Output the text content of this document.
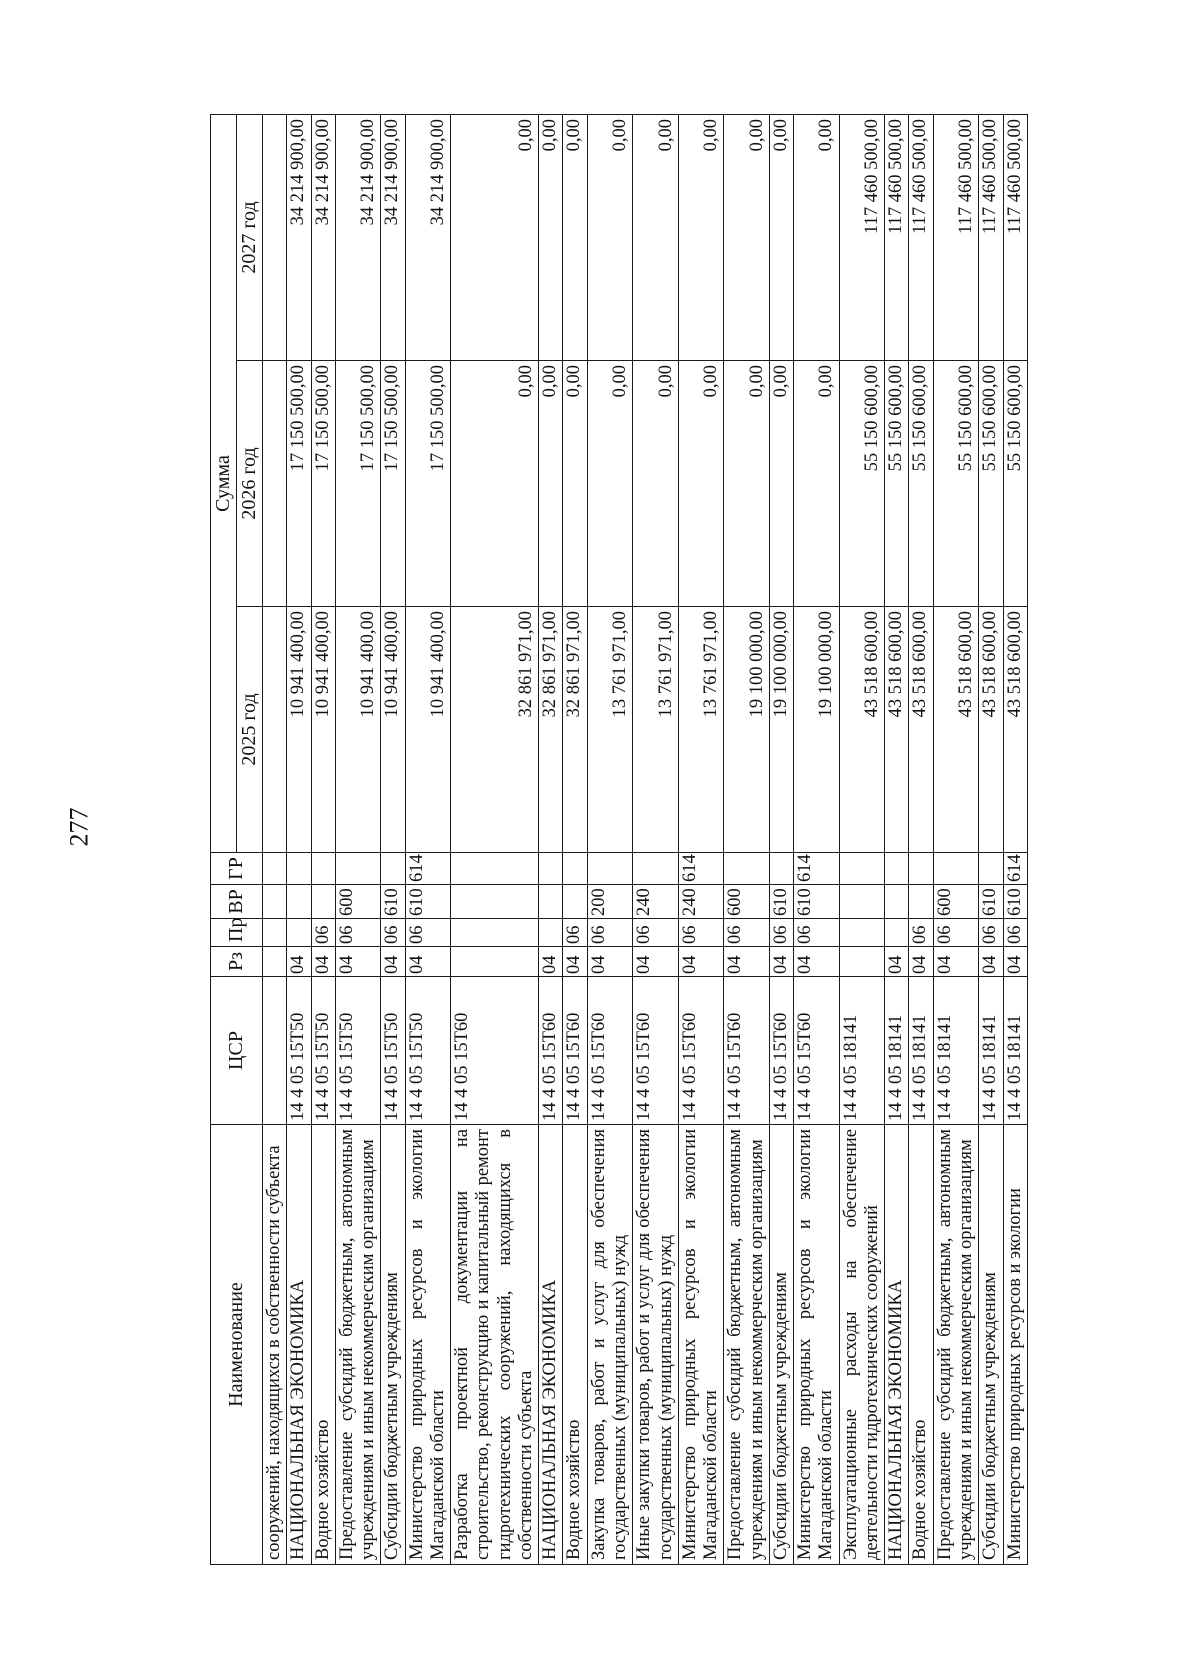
277
Наименование	ЦСР	Рз	Пр	ВР	ГР	Сумма		
						2025 год	2026 год	2027 год
сооружений, находящихся в собственности субъекта								
НАЦИОНАЛЬНАЯ ЭКОНОМИКА	14 4 05 15Т50	04				10 941 400,00	17 150 500,00	34 214 900,00
Водное хозяйство	14 4 05 15Т50	04	06			10 941 400,00	17 150 500,00	34 214 900,00
Предоставление субсидий бюджетным, автономным учреждениям и иным некоммерческим организациям	14 4 05 15Т50	04	06	600		10 941 400,00	17 150 500,00	34 214 900,00
Субсидии бюджетным учреждениям	14 4 05 15Т50	04	06	610		10 941 400,00	17 150 500,00	34 214 900,00
Министерство природных ресурсов и экологии Магаданской области	14 4 05 15Т50	04	06	610	614	10 941 400,00	17 150 500,00	34 214 900,00
Разработка проектной документации на строительство, реконструкцию и капитальный ремонт гидротехнических сооружений, находящихся в собственности субъекта	14 4 05 15Т60					32 861 971,00	0,00	0,00
НАЦИОНАЛЬНАЯ ЭКОНОМИКА	14 4 05 15Т60	04				32 861 971,00	0,00	0,00
Водное хозяйство	14 4 05 15Т60	04	06			32 861 971,00	0,00	0,00
Закупка товаров, работ и услуг для обеспечения государственных (муниципальных) нужд	14 4 05 15Т60	04	06	200		13 761 971,00	0,00	0,00
Иные закупки товаров, работ и услуг для обеспечения государственных (муниципальных) нужд	14 4 05 15Т60	04	06	240		13 761 971,00	0,00	0,00
Министерство природных ресурсов и экологии Магаданской области	14 4 05 15Т60	04	06	240	614	13 761 971,00	0,00	0,00
Предоставление субсидий бюджетным, автономным учреждениям и иным некоммерческим организациям	14 4 05 15Т60	04	06	600		19 100 000,00	0,00	0,00
Субсидии бюджетным учреждениям	14 4 05 15Т60	04	06	610		19 100 000,00	0,00	0,00
Министерство природных ресурсов и экологии Магаданской области	14 4 05 15Т60	04	06	610	614	19 100 000,00	0,00	0,00
Эксплуатационные расходы на обеспечение деятельности гидротехнических сооружений	14 4 05 18141					43 518 600,00	55 150 600,00	117 460 500,00
НАЦИОНАЛЬНАЯ ЭКОНОМИКА	14 4 05 18141	04				43 518 600,00	55 150 600,00	117 460 500,00
Водное хозяйство	14 4 05 18141	04	06			43 518 600,00	55 150 600,00	117 460 500,00
Предоставление субсидий бюджетным, автономным учреждениям и иным некоммерческим организациям	14 4 05 18141	04	06	600		43 518 600,00	55 150 600,00	117 460 500,00
Субсидии бюджетным учреждениям	14 4 05 18141	04	06	610		43 518 600,00	55 150 600,00	117 460 500,00
Министерство природных ресурсов и экологии	14 4 05 18141	04	06	610	614	43 518 600,00	55 150 600,00	117 460 500,00
